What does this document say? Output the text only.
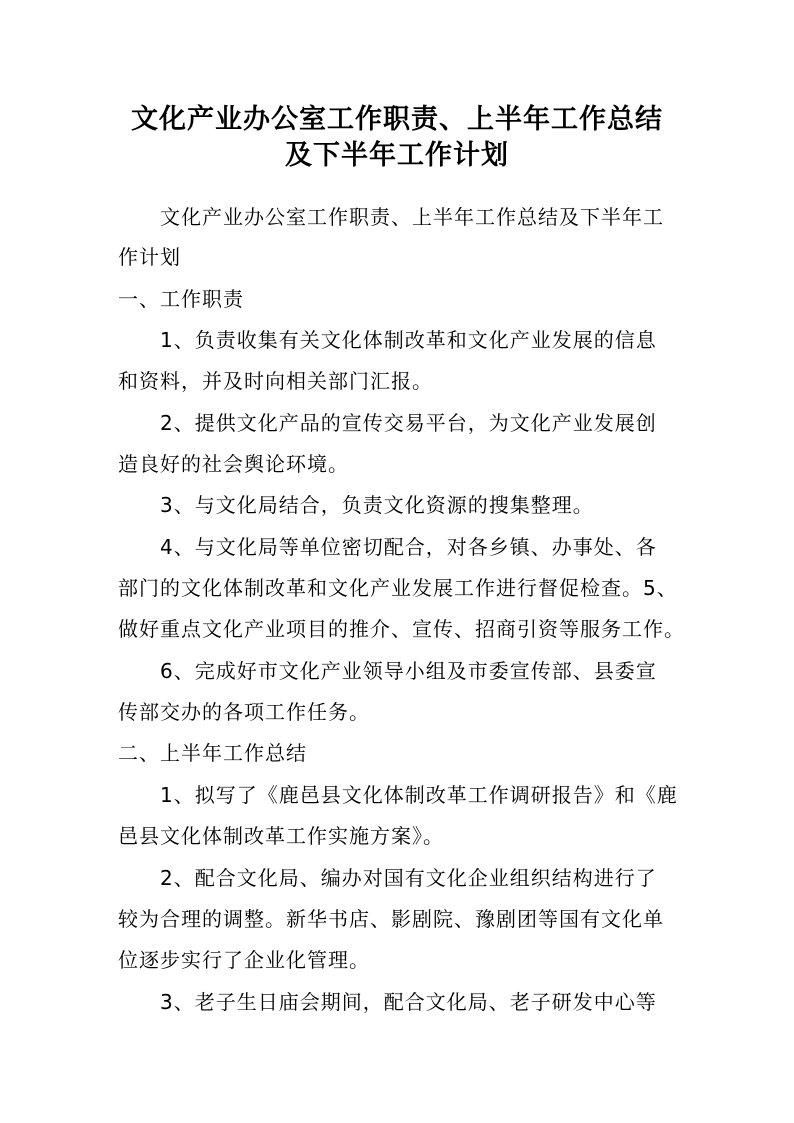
文化产业办公室工作职责、上半年工作总结
及下半年工作计划
文化产业办公室工作职责、上半年工作总结及下半年工
作计划
一、工作职责
1、负责收集有关文化体制改革和文化产业发展的信息
和资料，并及时向相关部门汇报。
2、提供文化产品的宣传交易平台，为文化产业发展创
造良好的社会舆论环境。
3、与文化局结合，负责文化资源的搜集整理。
4、与文化局等单位密切配合，对各乡镇、办事处、各
部门的文化体制改革和文化产业发展工作进行督促检查。5、
做好重点文化产业项目的推介、宣传、招商引资等服务工作。
6、完成好市文化产业领导小组及市委宣传部、县委宣
传部交办的各项工作任务。
二、上半年工作总结
1、拟写了《鹿邑县文化体制改革工作调研报告》和《鹿
邑县文化体制改革工作实施方案》。
2、配合文化局、编办对国有文化企业组织结构进行了
较为合理的调整。新华书店、影剧院、豫剧团等国有文化单
位逐步实行了企业化管理。
3、老子生日庙会期间，配合文化局、老子研发中心等
